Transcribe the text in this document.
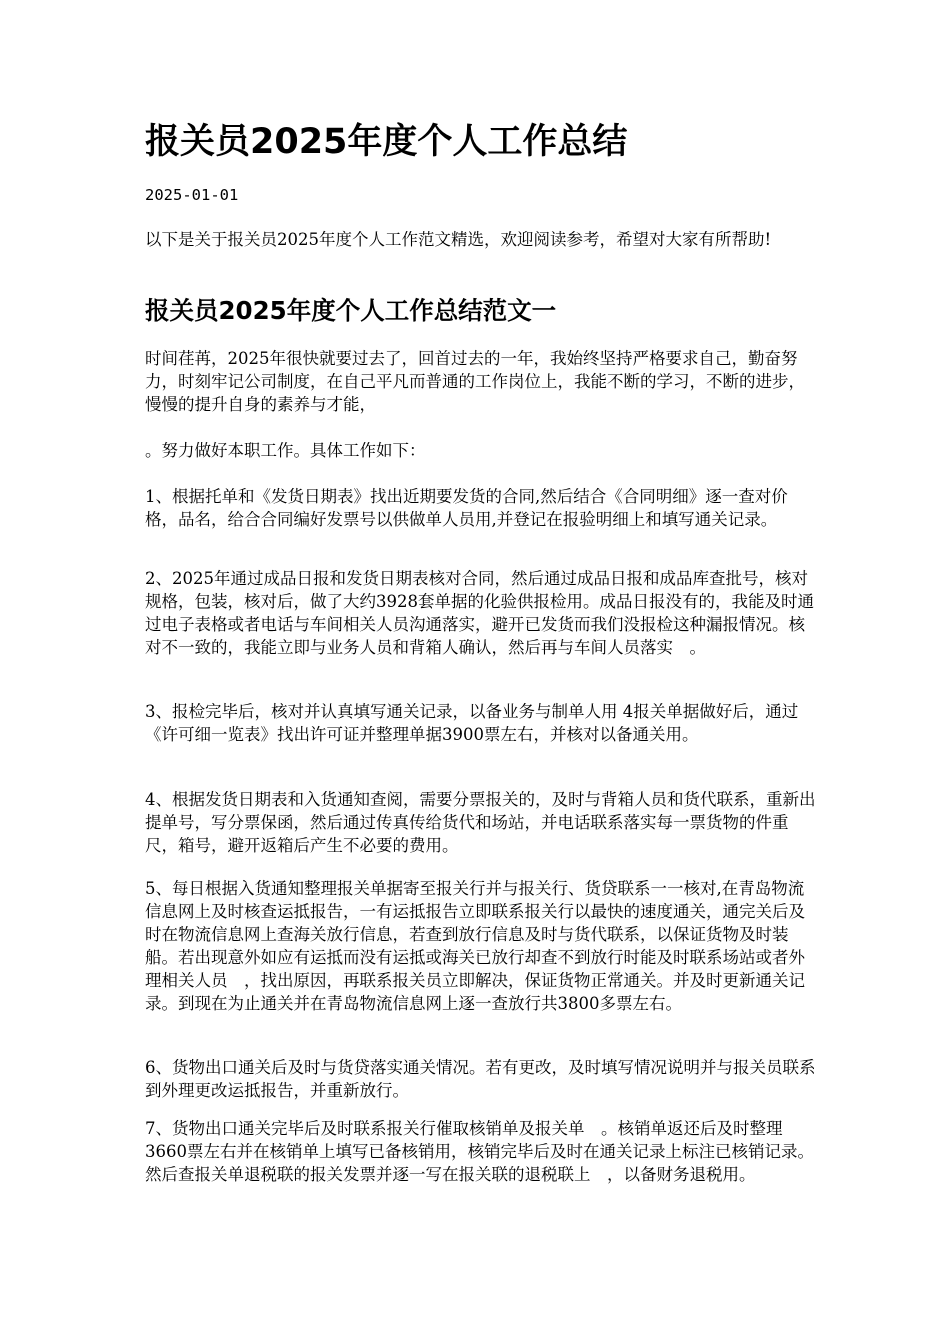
报关员2025年度个人工作总结
2025-01-01

以下是关于报关员2025年度个人工作范文精选，欢迎阅读参考，希望对大家有所帮助!

报关员2025年度个人工作总结范文一

时间荏苒，2025年很快就要过去了，回首过去的一年，我始终坚持严格要求自己，勤奋努力，时刻牢记公司制度，在自己平凡而普通的工作岗位上，我能不断的学习，不断的进步，慢慢的提升自身的素养与才能，

。努力做好本职工作。具体工作如下：

1、根据托单和《发货日期表》找出近期要发货的合同,然后结合《合同明细》逐一查对价格，品名，给合合同编好发票号以供做单人员用,并登记在报验明细上和填写通关记录。

2、2025年通过成品日报和发货日期表核对合同，然后通过成品日报和成品库查批号，核对规格，包装，核对后，做了大约3928套单据的化验供报检用。成品日报没有的，我能及时通过电子表格或者电话与车间相关人员沟通落实，避开已发货而我们没报检这种漏报情况。核对不一致的，我能立即与业务人员和背箱人确认，然后再与车间人员落实　。

3、报检完毕后，核对并认真填写通关记录，以备业务与制单人用 4报关单据做好后，通过《许可细一览表》找出许可证并整理单据3900票左右，并核对以备通关用。

4、根据发货日期表和入货通知查阅，需要分票报关的，及时与背箱人员和货代联系，重新出提单号，写分票保函，然后通过传真传给货代和场站，并电话联系落实每一票货物的件重尺，箱号，避开返箱后产生不必要的费用。

5、每日根据入货通知整理报关单据寄至报关行并与报关行、货贷联系一一核对,在青岛物流信息网上及时核查运抵报告，一有运抵报告立即联系报关行以最快的速度通关，通完关后及时在物流信息网上查海关放行信息，若查到放行信息及时与货代联系，以保证货物及时装船。若出现意外如应有运抵而没有运抵或海关已放行却查不到放行时能及时联系场站或者外理相关人员　，找出原因，再联系报关员立即解决，保证货物正常通关。并及时更新通关记录。到现在为止通关并在青岛物流信息网上逐一查放行共3800多票左右。

6、货物出口通关后及时与货贷落实通关情况。若有更改，及时填写情况说明并与报关员联系到外理更改运抵报告，并重新放行。

7、货物出口通关完毕后及时联系报关行催取核销单及报关单　。核销单返还后及时整理3660票左右并在核销单上填写已备核销用，核销完毕后及时在通关记录上标注已核销记录。然后查报关单退税联的报关发票并逐一写在报关联的退税联上　，以备财务退税用。
